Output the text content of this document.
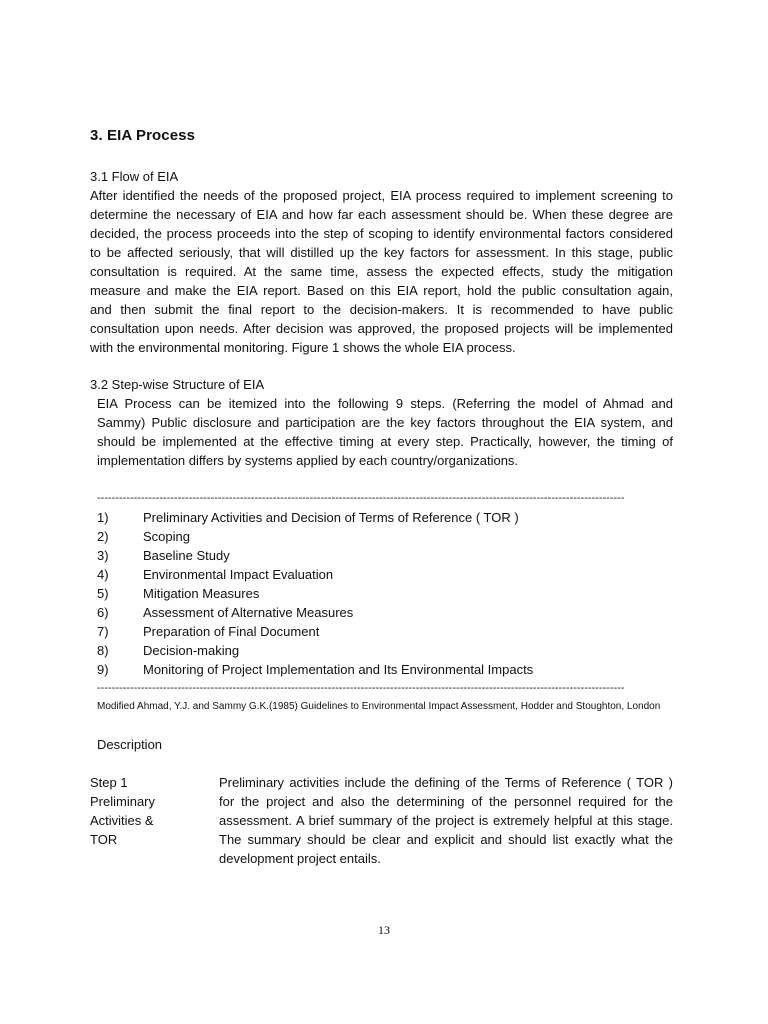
3. EIA Process
3.1 Flow of EIA
After identified the needs of the proposed project, EIA process required to implement screening to
determine the necessary of EIA and how far each assessment should be. When these degree are
decided, the process proceeds into the step of scoping to identify environmental factors considered
to be affected seriously, that will distilled up the key factors for assessment. In this stage, public
consultation is required. At the same time, assess the expected effects, study the mitigation
measure and make the EIA report. Based on this EIA report, hold the public consultation again,
and then submit the final report to the decision-makers. It is recommended to have public
consultation upon needs. After decision was approved, the proposed projects will be implemented
with the environmental monitoring. Figure 1 shows the whole EIA process.
3.2 Step-wise Structure of EIA
EIA Process can be itemized into the following 9 steps. (Referring the model of Ahmad and
Sammy) Public disclosure and participation are the key factors throughout the EIA system, and
should be implemented at the effective timing at every step. Practically, however, the timing of
implementation differs by systems applied by each country/organizations.
------------------------------------------------------------------------------------------------------------------------------------------------
1)	Preliminary Activities and Decision of Terms of Reference ( TOR )
2)	Scoping
3)	Baseline Study
4)	Environmental Impact Evaluation
5)	Mitigation Measures
6)	Assessment of Alternative Measures
7)	Preparation of Final Document
8)	Decision-making
9)	Monitoring of Project Implementation and Its Environmental Impacts
------------------------------------------------------------------------------------------------------------------------------------------------
Modified Ahmad, Y.J. and Sammy G.K.(1985) Guidelines to Environmental Impact Assessment, Hodder and Stoughton, London
Description
Step 1
Preliminary
Activities &
TOR
Preliminary activities include the defining of the Terms of Reference ( TOR )
for the project and also the determining of the personnel required for the
assessment. A brief summary of the project is extremely helpful at this stage.
The summary should be clear and explicit and should list exactly what the
development project entails.
13
